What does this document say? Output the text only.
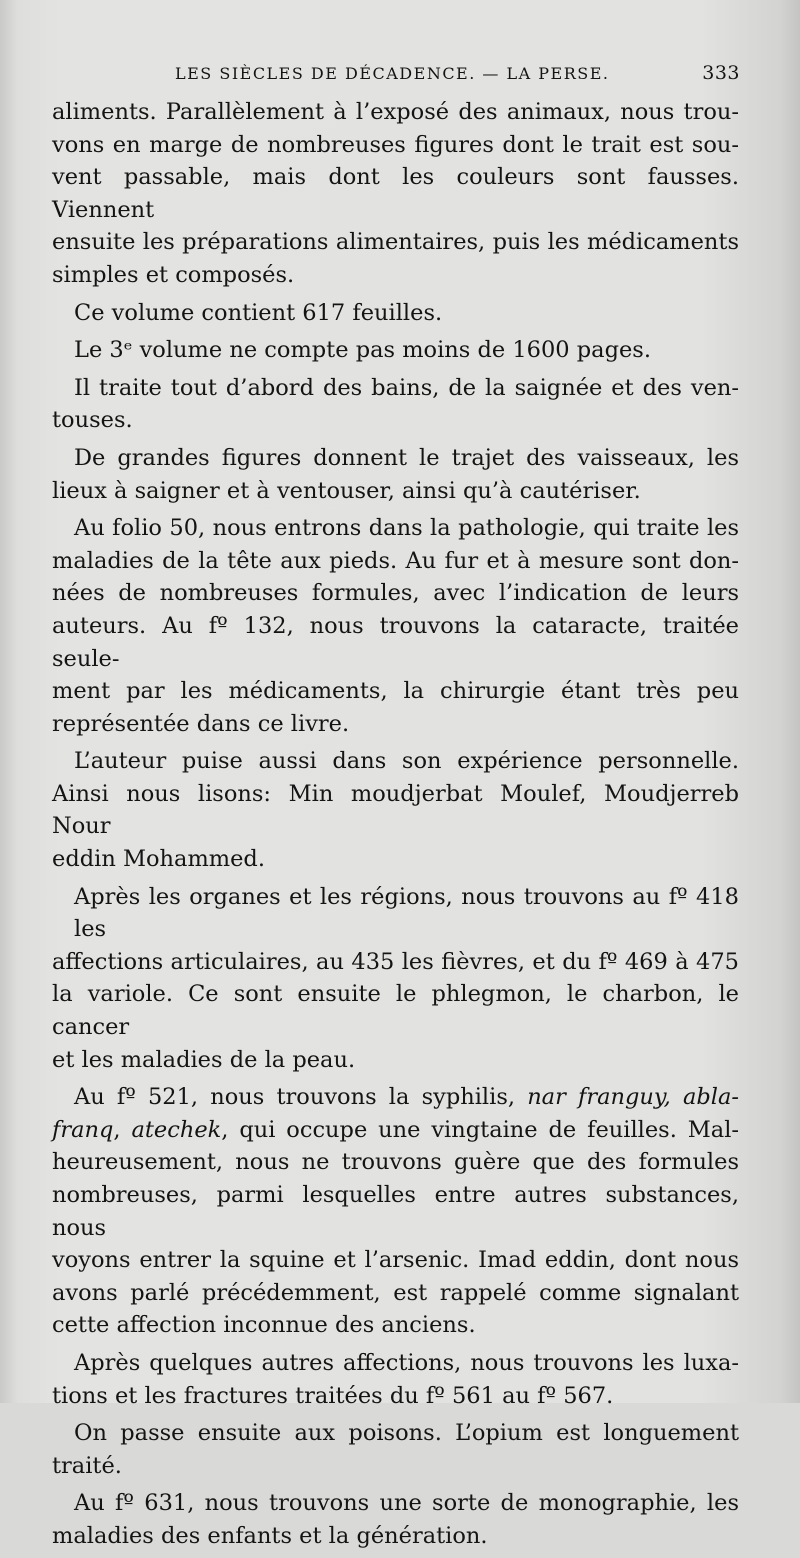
LES SIÈCLES DE DÉCADENCE. — LA PERSE.	333

aliments. Parallèlement à l’exposé des animaux, nous trou-
vons en marge de nombreuses figures dont le trait est sou-
vent passable, mais dont les couleurs sont fausses. Viennent
ensuite les préparations alimentaires, puis les médicaments
simples et composés.

Ce volume contient 617 feuilles.

Le 3ᵉ volume ne compte pas moins de 1600 pages.

Il traite tout d’abord des bains, de la saignée et des ven-
touses.

De grandes figures donnent le trajet des vaisseaux, les
lieux à saigner et à ventouser, ainsi qu’à cautériser.

Au folio 50, nous entrons dans la pathologie, qui traite les
maladies de la tête aux pieds. Au fur et à mesure sont don-
nées de nombreuses formules, avec l’indication de leurs
auteurs. Au fº 132, nous trouvons la cataracte, traitée seule-
ment par les médicaments, la chirurgie étant très peu
représentée dans ce livre.

L’auteur puise aussi dans son expérience personnelle.
Ainsi nous lisons: Min moudjerbat Moulef, Moudjerreb Nour
eddin Mohammed.

Après les organes et les régions, nous trouvons au fº 418 les
affections articulaires, au 435 les fièvres, et du fº 469 à 475
la variole. Ce sont ensuite le phlegmon, le charbon, le cancer
et les maladies de la peau.

Au fº 521, nous trouvons la syphilis, nar franguy, abla-
franq, atechek, qui occupe une vingtaine de feuilles. Mal-
heureusement, nous ne trouvons guère que des formules
nombreuses, parmi lesquelles entre autres substances, nous
voyons entrer la squine et l’arsenic. Imad eddin, dont nous
avons parlé précédemment, est rappelé comme signalant
cette affection inconnue des anciens.

Après quelques autres affections, nous trouvons les luxa-
tions et les fractures traitées du fº 561 au fº 567.

On passe ensuite aux poisons. L’opium est longuement
traité.

Au fº 631, nous trouvons une sorte de monographie, les
maladies des enfants et la génération.
